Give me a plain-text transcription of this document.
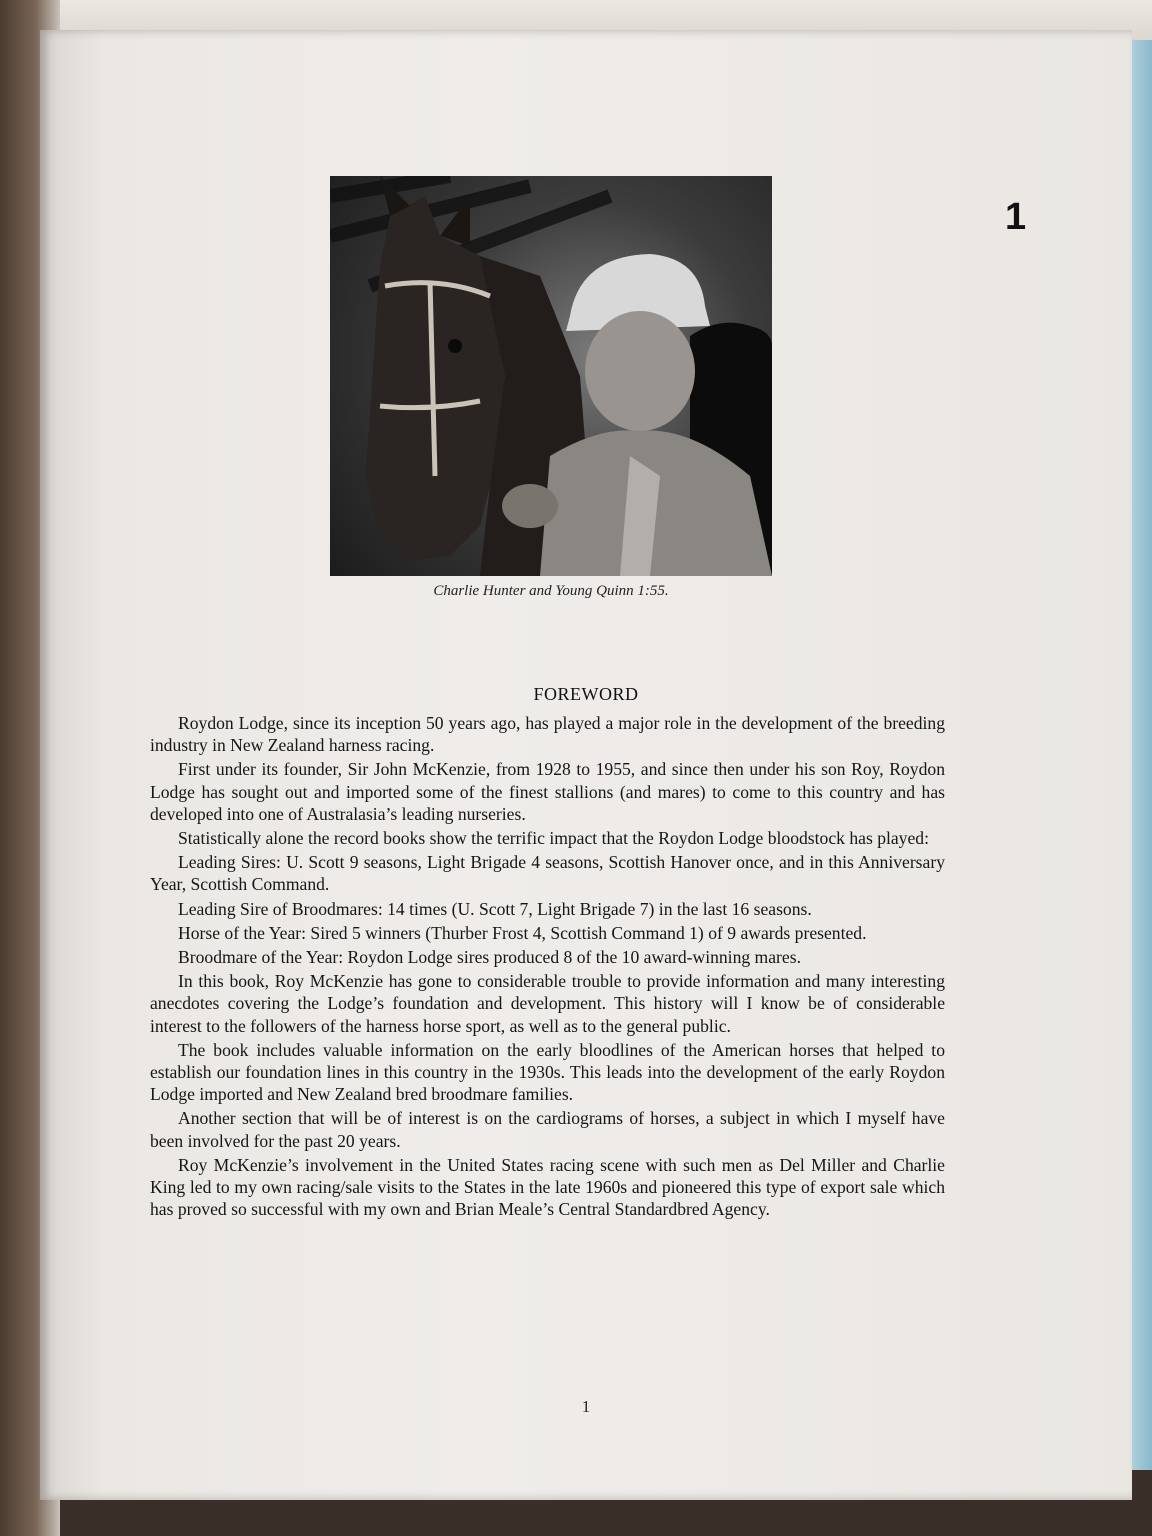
1
Charlie Hunter and Young Quinn 1:55.
FOREWORD

Roydon Lodge, since its inception 50 years ago, has played a major role in the development of the breeding industry in New Zealand harness racing.

First under its founder, Sir John McKenzie, from 1928 to 1955, and since then under his son Roy, Roydon Lodge has sought out and imported some of the finest stallions (and mares) to come to this country and has developed into one of Australasia’s leading nurseries.

Statistically alone the record books show the terrific impact that the Roydon Lodge bloodstock has played:

Leading Sires: U. Scott 9 seasons, Light Brigade 4 seasons, Scottish Hanover once, and in this Anniversary Year, Scottish Command.

Leading Sire of Broodmares: 14 times (U. Scott 7, Light Brigade 7) in the last 16 seasons.

Horse of the Year: Sired 5 winners (Thurber Frost 4, Scottish Command 1) of 9 awards presented.

Broodmare of the Year: Roydon Lodge sires produced 8 of the 10 award-winning mares.

In this book, Roy McKenzie has gone to considerable trouble to provide information and many interesting anecdotes covering the Lodge’s foundation and development. This history will I know be of considerable interest to the followers of the harness horse sport, as well as to the general public.

The book includes valuable information on the early bloodlines of the American horses that helped to establish our foundation lines in this country in the 1930s. This leads into the development of the early Roydon Lodge imported and New Zealand bred broodmare families.

Another section that will be of interest is on the cardiograms of horses, a subject in which I myself have been involved for the past 20 years.

Roy McKenzie’s involvement in the United States racing scene with such men as Del Miller and Charlie King led to my own racing/sale visits to the States in the late 1960s and pioneered this type of export sale which has proved so successful with my own and Brian Meale’s Central Standardbred Agency.

1
